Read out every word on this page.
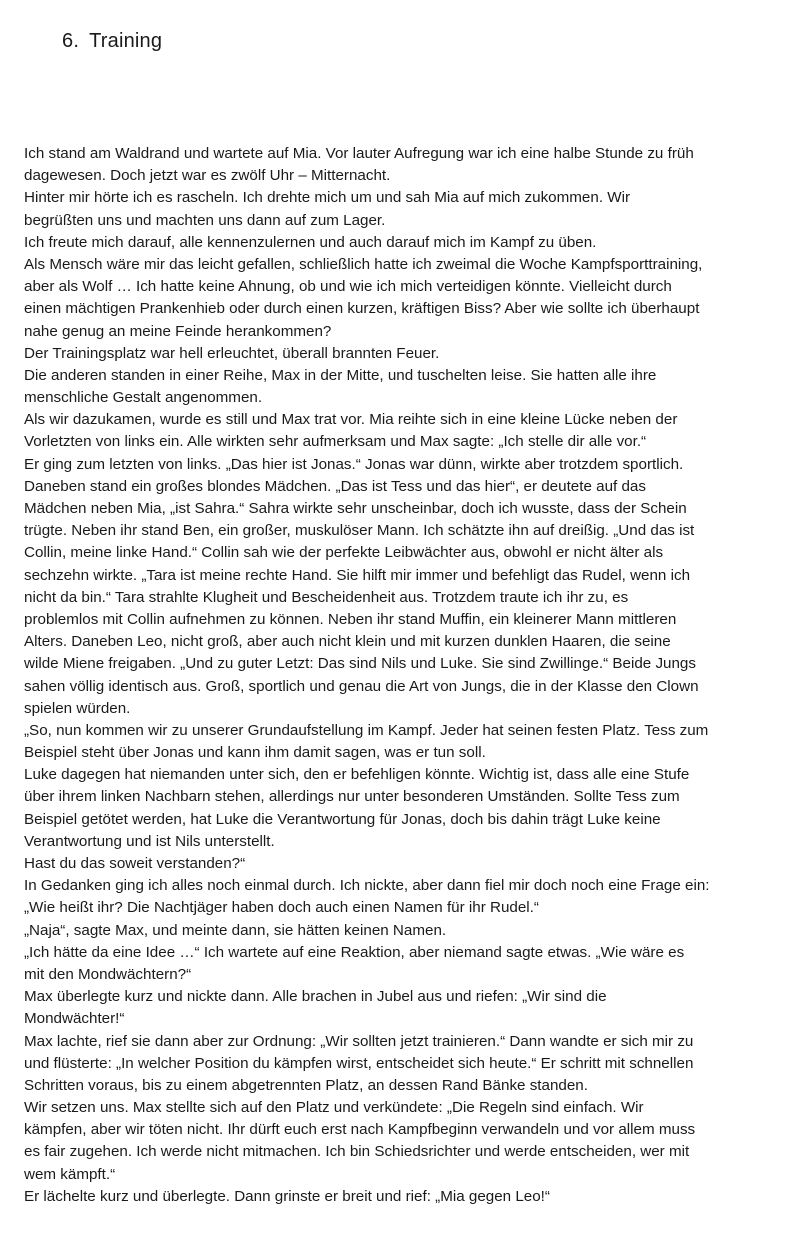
6. Training
Ich stand am Waldrand und wartete auf Mia. Vor lauter Aufregung war ich eine halbe Stunde zu früh
dagewesen. Doch jetzt war es zwölf Uhr – Mitternacht.
Hinter mir hörte ich es rascheln. Ich drehte mich um und sah Mia auf mich zukommen. Wir
begrüßten uns und machten uns dann auf zum Lager.
Ich freute mich darauf, alle kennenzulernen und auch darauf mich im Kampf zu üben.
Als Mensch wäre mir das leicht gefallen, schließlich hatte ich zweimal die Woche Kampfsporttraining,
aber als Wolf … Ich hatte keine Ahnung, ob und wie ich mich verteidigen könnte. Vielleicht durch
einen mächtigen Prankenhieb oder durch einen kurzen, kräftigen Biss? Aber wie sollte ich überhaupt
nahe genug an meine Feinde herankommen?
Der Trainingsplatz war hell erleuchtet, überall brannten Feuer.
Die anderen standen in einer Reihe, Max in der Mitte, und tuschelten leise. Sie hatten alle ihre
menschliche Gestalt angenommen.
Als wir dazukamen, wurde es still und Max trat vor. Mia reihte sich in eine kleine Lücke neben der
Vorletzten von links ein. Alle wirkten sehr aufmerksam und Max sagte: „Ich stelle dir alle vor.“
Er ging zum letzten von links. „Das hier ist Jonas.“ Jonas war dünn, wirkte aber trotzdem sportlich.
Daneben stand ein großes blondes Mädchen. „Das ist Tess und das hier“, er deutete auf das
Mädchen neben Mia, „ist Sahra.“ Sahra wirkte sehr unscheinbar, doch ich wusste, dass der Schein
trügte. Neben ihr stand Ben, ein großer, muskulöser Mann. Ich schätzte ihn auf dreißig. „Und das ist
Collin, meine linke Hand.“ Collin sah wie der perfekte Leibwächter aus, obwohl er nicht älter als
sechzehn wirkte. „Tara ist meine rechte Hand. Sie hilft mir immer und befehligt das Rudel, wenn ich
nicht da bin.“ Tara strahlte Klugheit und Bescheidenheit aus. Trotzdem traute ich ihr zu, es
problemlos mit Collin aufnehmen zu können. Neben ihr stand Muffin, ein kleinerer Mann mittleren
Alters. Daneben Leo, nicht groß, aber auch nicht klein und mit kurzen dunklen Haaren, die seine
wilde Miene freigaben. „Und zu guter Letzt: Das sind Nils und Luke. Sie sind Zwillinge.“ Beide Jungs
sahen völlig identisch aus. Groß, sportlich und genau die Art von Jungs, die in der Klasse den Clown
spielen würden.
„So, nun kommen wir zu unserer Grundaufstellung im Kampf. Jeder hat seinen festen Platz. Tess zum
Beispiel steht über Jonas und kann ihm damit sagen, was er tun soll.
Luke dagegen hat niemanden unter sich, den er befehligen könnte. Wichtig ist, dass alle eine Stufe
über ihrem linken Nachbarn stehen, allerdings nur unter besonderen Umständen. Sollte Tess zum
Beispiel getötet werden, hat Luke die Verantwortung für Jonas, doch bis dahin trägt Luke keine
Verantwortung und ist Nils unterstellt.
Hast du das soweit verstanden?“
In Gedanken ging ich alles noch einmal durch. Ich nickte, aber dann fiel mir doch noch eine Frage ein:
„Wie heißt ihr? Die Nachtjäger haben doch auch einen Namen für ihr Rudel.“
„Naja“, sagte Max, und meinte dann, sie hätten keinen Namen.
„Ich hätte da eine Idee …“ Ich wartete auf eine Reaktion, aber niemand sagte etwas. „Wie wäre es
mit den Mondwächtern?“
Max überlegte kurz und nickte dann. Alle brachen in Jubel aus und riefen: „Wir sind die
Mondwächter!“
Max lachte, rief sie dann aber zur Ordnung: „Wir sollten jetzt trainieren.“ Dann wandte er sich mir zu
und flüsterte: „In welcher Position du kämpfen wirst, entscheidet sich heute.“ Er schritt mit schnellen
Schritten voraus, bis zu einem abgetrennten Platz, an dessen Rand Bänke standen.
Wir setzen uns. Max stellte sich auf den Platz und verkündete: „Die Regeln sind einfach. Wir
kämpfen, aber wir töten nicht. Ihr dürft euch erst nach Kampfbeginn verwandeln und vor allem muss
es fair zugehen. Ich werde nicht mitmachen. Ich bin Schiedsrichter und werde entscheiden, wer mit
wem kämpft.“
Er lächelte kurz und überlegte. Dann grinste er breit und rief: „Mia gegen Leo!“
